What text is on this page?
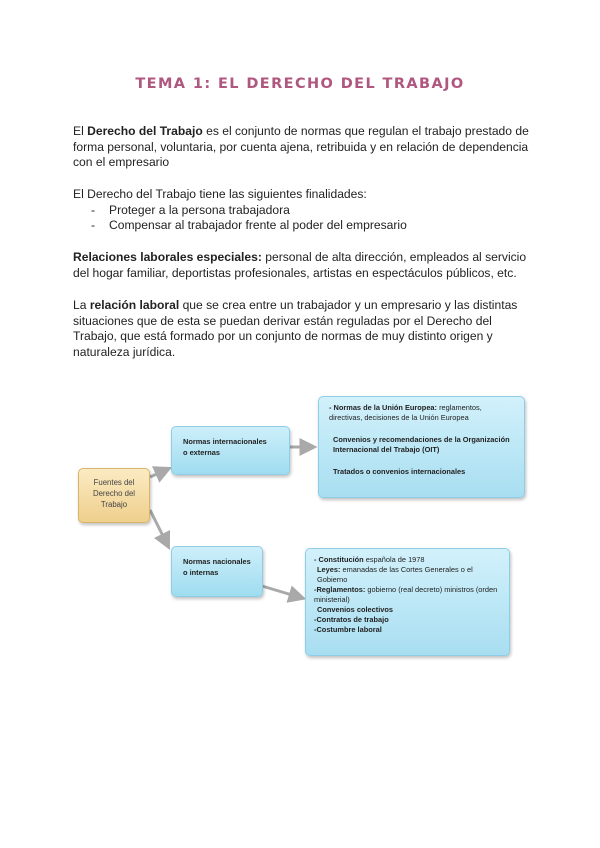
TEMA 1: EL DERECHO DEL TRABAJO
El Derecho del Trabajo es el conjunto de normas que regulan el trabajo prestado de forma personal, voluntaria, por cuenta ajena, retribuida y en relación de dependencia con el empresario
El Derecho del Trabajo tiene las siguientes finalidades:
- Proteger a la persona trabajadora
- Compensar al trabajador frente al poder del empresario
Relaciones laborales especiales: personal de alta dirección, empleados al servicio del hogar familiar, deportistas profesionales, artistas en espectáculos públicos, etc.
La relación laboral que se crea entre un trabajador y un empresario y las distintas situaciones que de esta se puedan derivar están reguladas por el Derecho del Trabajo, que está formado por un conjunto de normas de muy distinto origen y naturaleza jurídica.
Fuentes del
Derecho del
Trabajo
Normas internacionales
o externas
Normas nacionales
o internas
- Normas de la Unión Europea: reglamentos, directivas, decisiones de la Unión Europea
Convenios y recomendaciones de la Organización Internacional del Trabajo (OIT)
Tratados o convenios internacionales
- Constitución española de 1978
Leyes: emanadas de las Cortes Generales o el Gobierno
-Reglamentos: gobierno (real decreto) ministros (orden ministerial)
Convenios colectivos
-Contratos de trabajo
-Costumbre laboral
